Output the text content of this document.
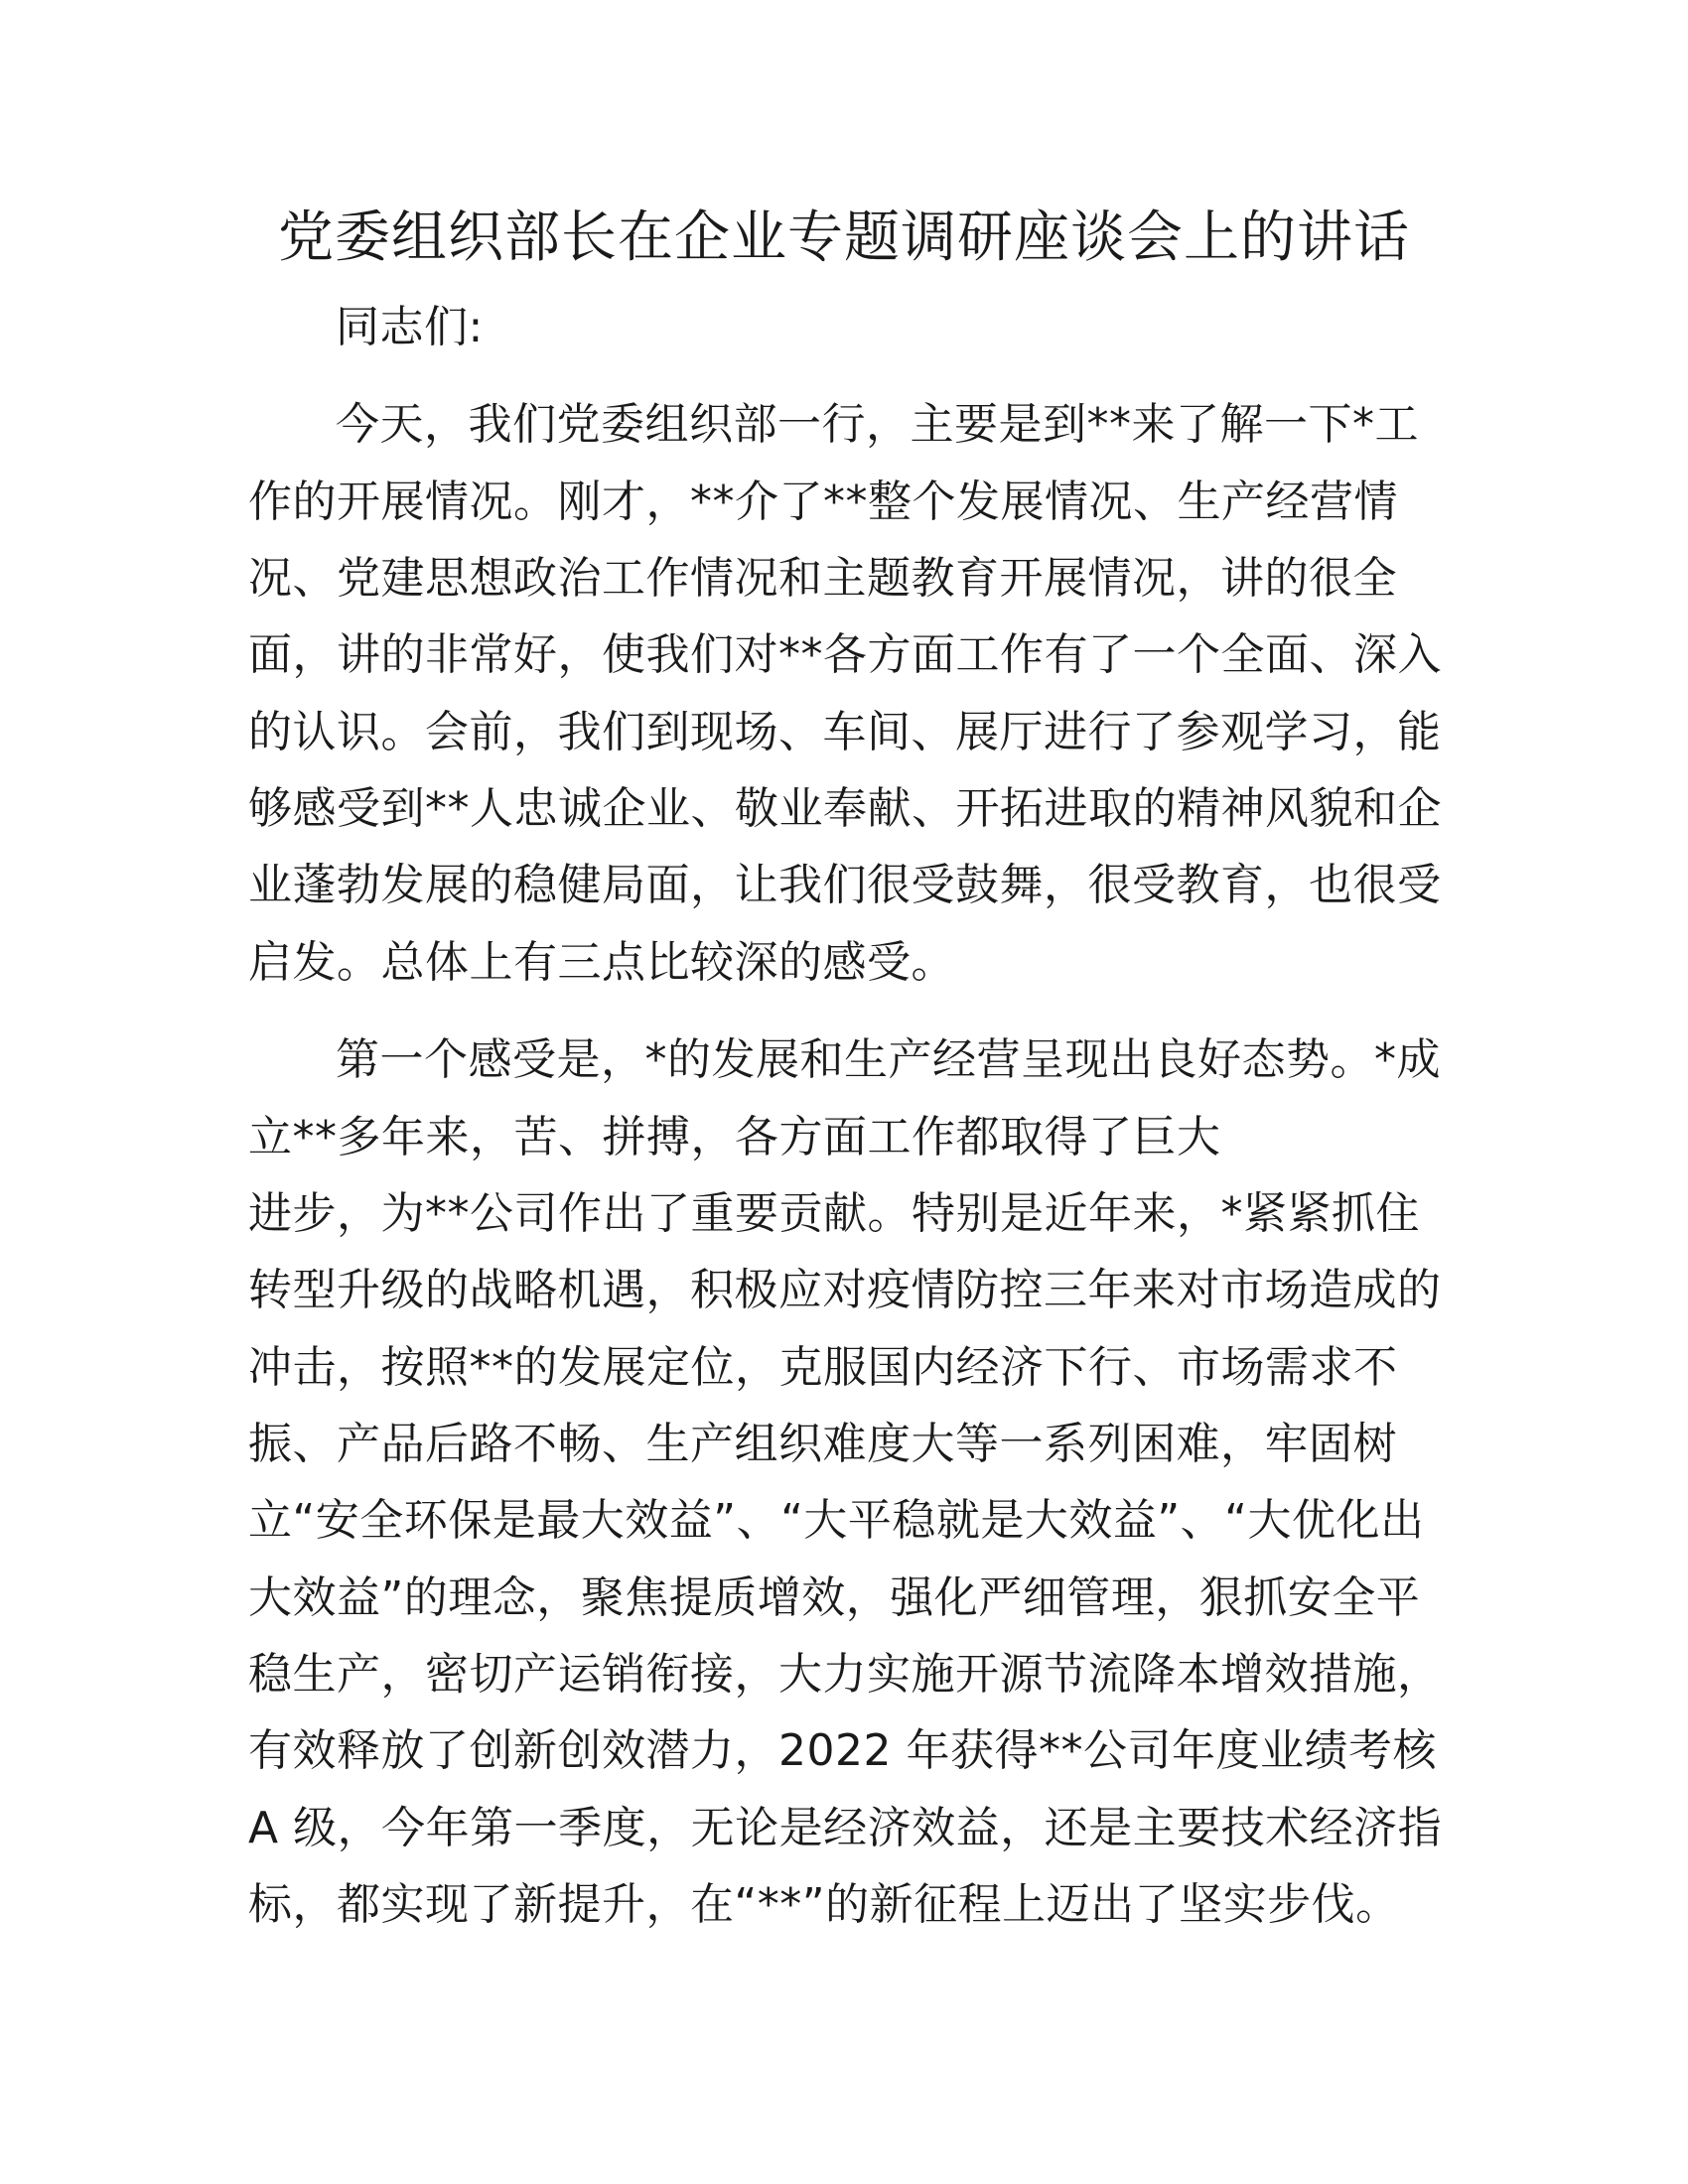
党委组织部长在企业专题调研座谈会上的讲话
同志们:
今天，我们党委组织部一行，主要是到**来了解一下*工
作的开展情况。刚才，**介了**整个发展情况、生产经营情
况、党建思想政治工作情况和主题教育开展情况，讲的很全
面，讲的非常好，使我们对**各方面工作有了一个全面、深入
的认识。会前，我们到现场、车间、展厅进行了参观学习，能
够感受到**人忠诚企业、敬业奉献、开拓进取的精神风貌和企
业蓬勃发展的稳健局面，让我们很受鼓舞，很受教育，也很受
启发。总体上有三点比较深的感受。
第一个感受是，*的发展和生产经营呈现出良好态势。*成
立**多年来，苦、拼搏，各方面工作都取得了巨大
进步，为**公司作出了重要贡献。特别是近年来，*紧紧抓住
转型升级的战略机遇，积极应对疫情防控三年来对市场造成的
冲击，按照**的发展定位，克服国内经济下行、市场需求不
振、产品后路不畅、生产组织难度大等一系列困难，牢固树
立“安全环保是最大效益”、“大平稳就是大效益”、“大优化出
大效益”的理念，聚焦提质增效，强化严细管理，狠抓安全平
稳生产，密切产运销衔接，大力实施开源节流降本增效措施，
有效释放了创新创效潜力，2022 年获得**公司年度业绩考核
A 级，今年第一季度，无论是经济效益，还是主要技术经济指
标，都实现了新提升，在“**”的新征程上迈出了坚实步伐。
